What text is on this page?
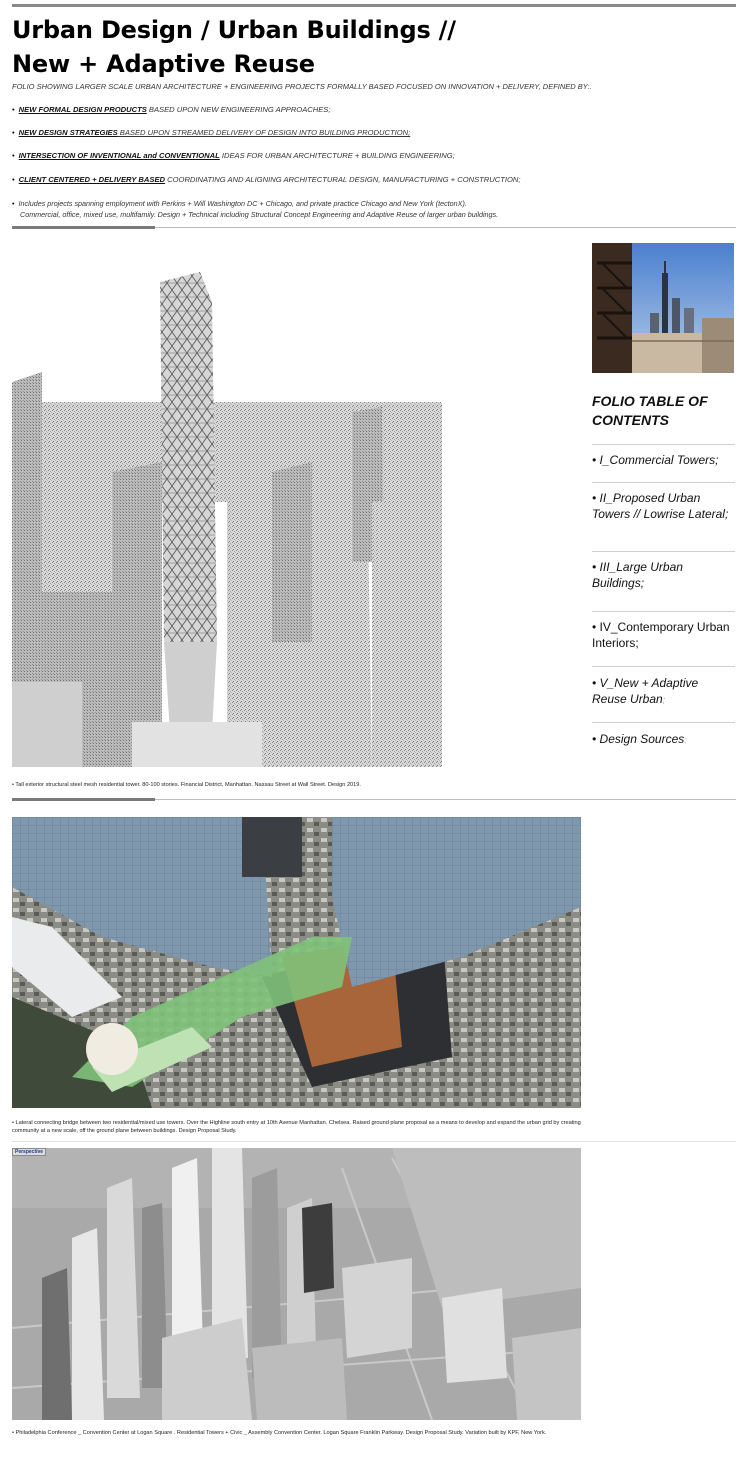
Urban Design / Urban Buildings //
New + Adaptive Reuse
FOLIO SHOWING LARGER SCALE URBAN ARCHITECTURE + ENGINEERING PROJECTS FORMALLY BASED FOCUSED ON INNOVATION + DELIVERY, DEFINED BY:.
• NEW FORMAL DESIGN PRODUCTS BASED UPON NEW ENGINEERING APPROACHES;
• NEW DESIGN STRATEGIES BASED UPON STREAMED DELIVERY OF DESIGN INTO BUILDING PRODUCTION;
• INTERSECTION OF INVENTIONAL and CONVENTIONAL IDEAS FOR URBAN ARCHITECTURE + BUILDING ENGINEERING;
• CLIENT CENTERED + DELIVERY BASED COORDINATING AND ALIGNING ARCHITECTURAL DESIGN, MANUFACTURING + CONSTRUCTION;
• Includes projects spanning employment with Perkins + Will Washington DC + Chicago, and private practice Chicago and New York (tectonX).
Commercial, office, mixed use, multifamily. Design + Technical including Structural Concept Engineering and Adaptive Reuse of larger urban buildings.
• Tall exterior structural steel mesh residential tower. 80-100 stories. Financial District, Manhattan. Nassau Street at Wall Street. Design 2019.
FOLIO TABLE OF CONTENTS
• I_Commercial Towers;
• II_Proposed Urban Towers // Lowrise Lateral;
• III_Large Urban Buildings;
• IV_Contemporary Urban Interiors;
• V_New + Adaptive Reuse Urban;
• Design Sources;
• Lateral connecting bridge between two residential/mixed use towers. Over the Highline south entry at 10th Avenue Manhattan. Chelsea. Raised ground plane proposal as a means to develop and expand the urban grid by creating community at a new scale, off the ground plane between buildings. Design Proposal Study.
Perspective
• Philadelphia Conference _ Convention Center at Logan Square . Residential Towers + Civic _ Assembly Convention Center. Logan Square Franklin Parkway. Design Proposal Study. Variation built by KPF, New York.
